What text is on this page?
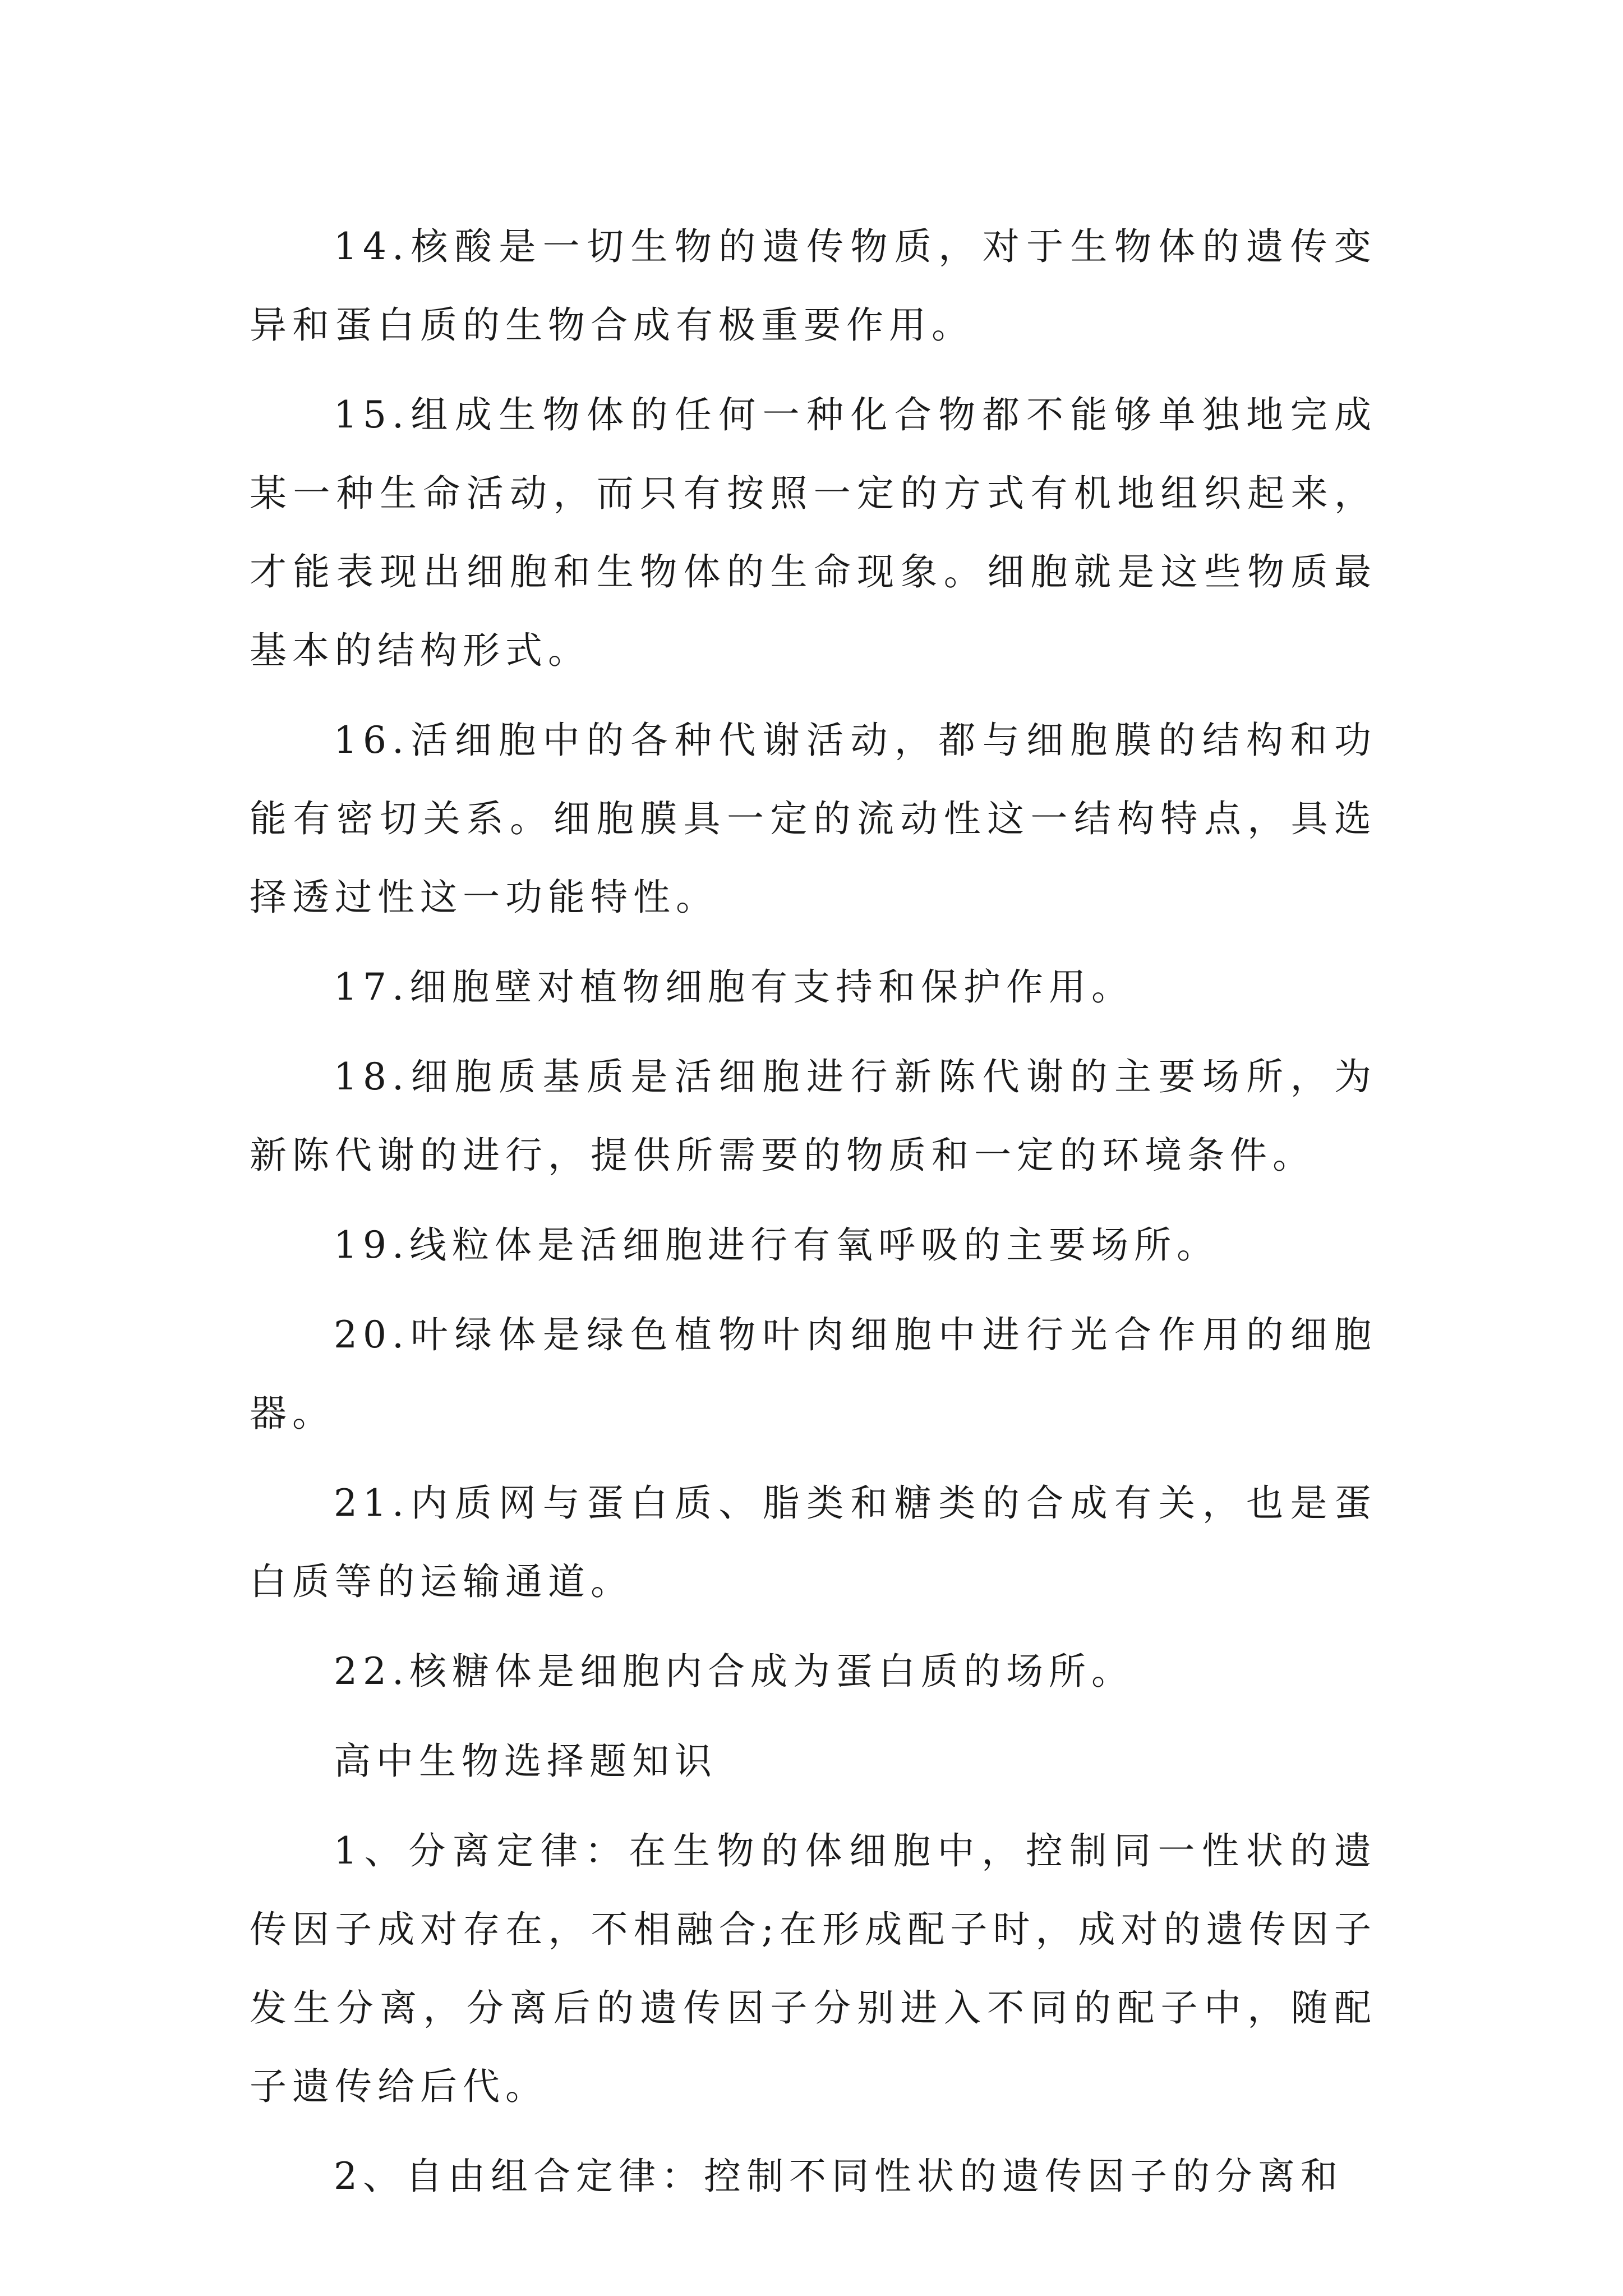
14.核酸是一切生物的遗传物质，对于生物体的遗传变异和蛋白质的生物合成有极重要作用。

15.组成生物体的任何一种化合物都不能够单独地完成某一种生命活动，而只有按照一定的方式有机地组织起来，才能表现出细胞和生物体的生命现象。细胞就是这些物质最基本的结构形式。

16.活细胞中的各种代谢活动，都与细胞膜的结构和功能有密切关系。细胞膜具一定的流动性这一结构特点，具选择透过性这一功能特性。

17.细胞壁对植物细胞有支持和保护作用。

18.细胞质基质是活细胞进行新陈代谢的主要场所，为新陈代谢的进行，提供所需要的物质和一定的环境条件。

19.线粒体是活细胞进行有氧呼吸的主要场所。

20.叶绿体是绿色植物叶肉细胞中进行光合作用的细胞器。

21.内质网与蛋白质、脂类和糖类的合成有关，也是蛋白质等的运输通道。

22.核糖体是细胞内合成为蛋白质的场所。

高中生物选择题知识

1、分离定律：在生物的体细胞中，控制同一性状的遗传因子成对存在，不相融合;在形成配子时，成对的遗传因子发生分离，分离后的遗传因子分别进入不同的配子中，随配子遗传给后代。

2、自由组合定律：控制不同性状的遗传因子的分离和
